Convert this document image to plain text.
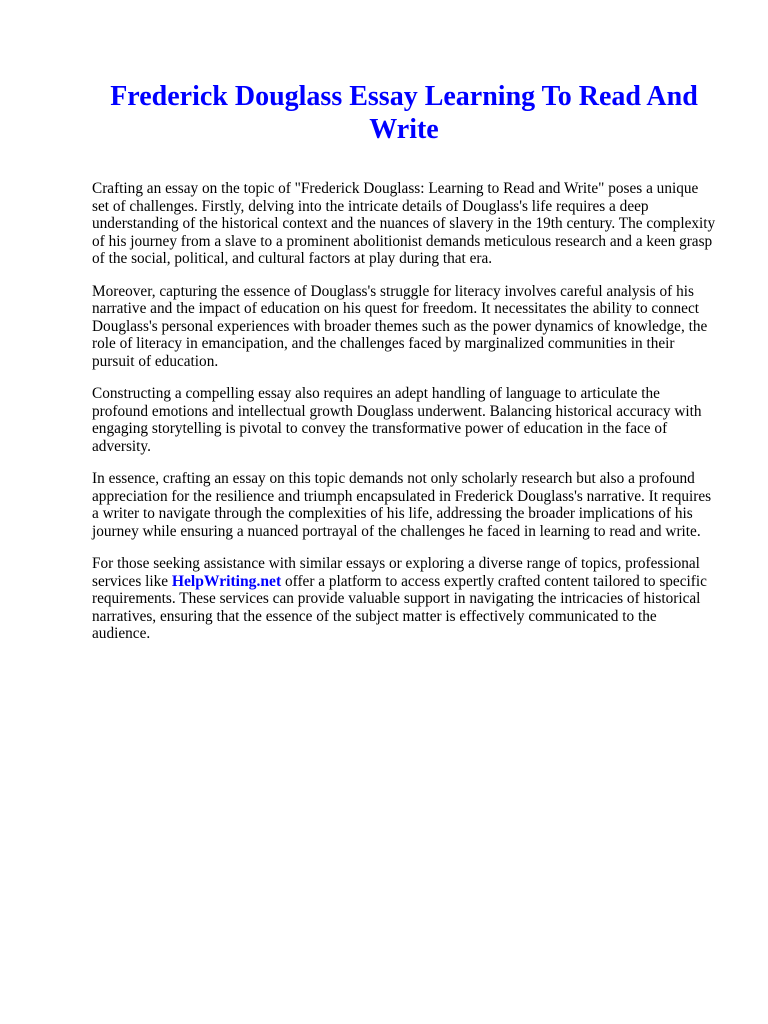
Frederick Douglass Essay Learning To Read And Write

Crafting an essay on the topic of "Frederick Douglass: Learning to Read and Write" poses a unique set of challenges. Firstly, delving into the intricate details of Douglass's life requires a deep understanding of the historical context and the nuances of slavery in the 19th century. The complexity of his journey from a slave to a prominent abolitionist demands meticulous research and a keen grasp of the social, political, and cultural factors at play during that era.

Moreover, capturing the essence of Douglass's struggle for literacy involves careful analysis of his narrative and the impact of education on his quest for freedom. It necessitates the ability to connect Douglass's personal experiences with broader themes such as the power dynamics of knowledge, the role of literacy in emancipation, and the challenges faced by marginalized communities in their pursuit of education.

Constructing a compelling essay also requires an adept handling of language to articulate the profound emotions and intellectual growth Douglass underwent. Balancing historical accuracy with engaging storytelling is pivotal to convey the transformative power of education in the face of adversity.

In essence, crafting an essay on this topic demands not only scholarly research but also a profound appreciation for the resilience and triumph encapsulated in Frederick Douglass's narrative. It requires a writer to navigate through the complexities of his life, addressing the broader implications of his journey while ensuring a nuanced portrayal of the challenges he faced in learning to read and write.

For those seeking assistance with similar essays or exploring a diverse range of topics, professional services like HelpWriting.net offer a platform to access expertly crafted content tailored to specific requirements. These services can provide valuable support in navigating the intricacies of historical narratives, ensuring that the essence of the subject matter is effectively communicated to the audience.
